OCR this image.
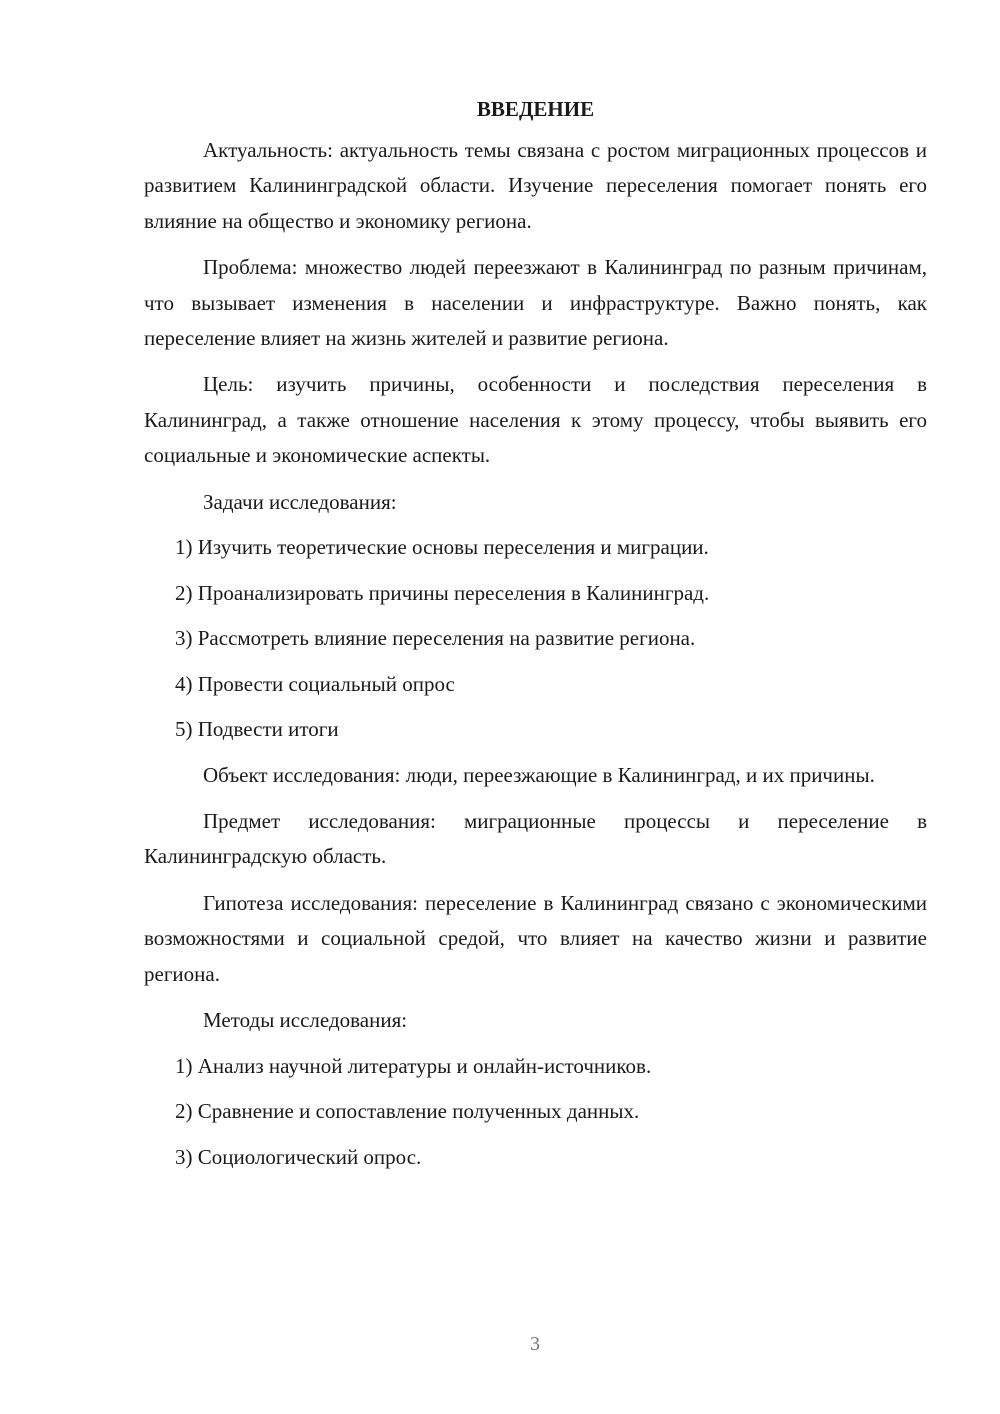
ВВЕДЕНИЕ

Актуальность: актуальность темы связана с ростом миграционных процессов и развитием Калининградской области. Изучение переселения помогает понять его влияние на общество и экономику региона.

Проблема: множество людей переезжают в Калининград по разным причинам, что вызывает изменения в населении и инфраструктуре. Важно понять, как переселение влияет на жизнь жителей и развитие региона.

Цель: изучить причины, особенности и последствия переселения в Калининград, а также отношение населения к этому процессу, чтобы выявить его социальные и экономические аспекты.

Задачи исследования:
1) Изучить теоретические основы переселения и миграции.
2) Проанализировать причины переселения в Калининград.
3) Рассмотреть влияние переселения на развитие региона.
4) Провести социальный опрос
5) Подвести итоги

Объект исследования: люди, переезжающие в Калининград, и их причины.

Предмет исследования: миграционные процессы и переселение в Калининградскую область.

Гипотеза исследования: переселение в Калининград связано с экономическими возможностями и социальной средой, что влияет на качество жизни и развитие региона.

Методы исследования:
1) Анализ научной литературы и онлайн-источников.
2) Сравнение и сопоставление полученных данных.
3) Социологический опрос.
3
